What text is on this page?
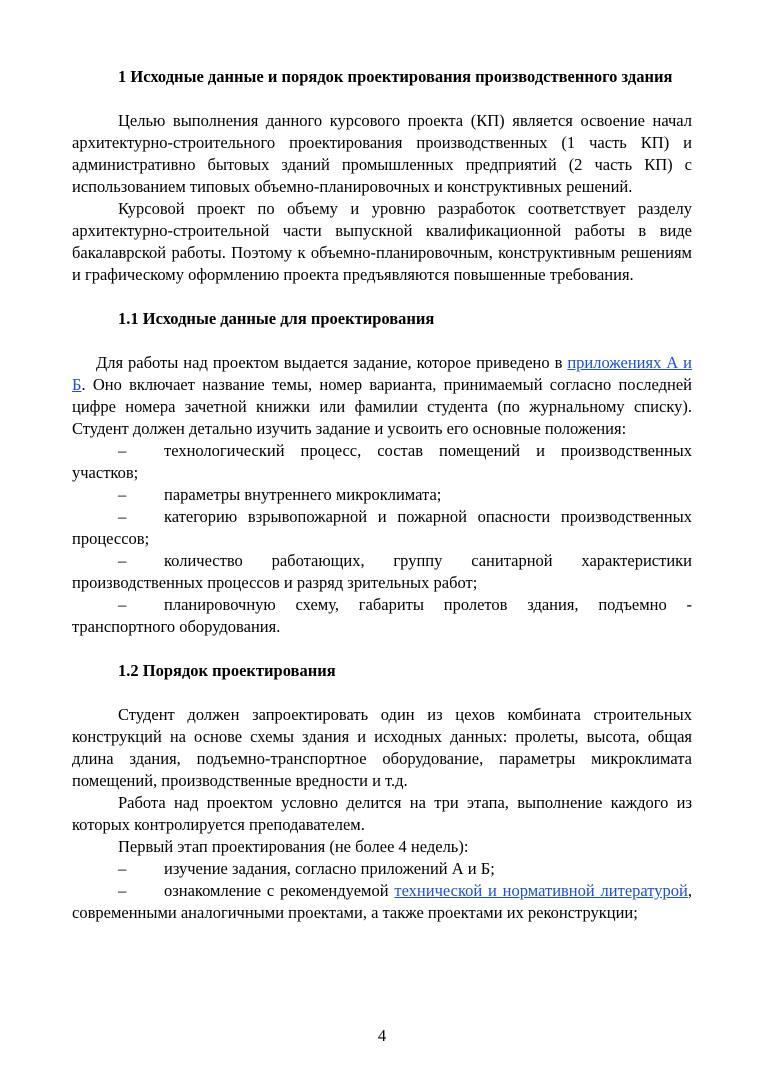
1 Исходные данные и порядок проектирования производственного здания

Целью выполнения данного курсового проекта (КП) является освоение начал архитектурно-строительного проектирования производственных (1 часть КП) и административно бытовых зданий промышленных предприятий (2 часть КП) с использованием типовых объемно-планировочных и конструктивных решений.

Курсовой проект по объему и уровню разработок соответствует разделу архитектурно-строительной части выпускной квалификационной работы в виде бакалаврской работы. Поэтому к объемно-планировочным, конструктивным решениям и графическому оформлению проекта предъявляются повышенные требования.

1.1 Исходные данные для проектирования

Для работы над проектом выдается задание, которое приведено в приложениях А и Б. Оно включает название темы, номер варианта, принимаемый согласно последней цифре номера зачетной книжки или фамилии студента (по журнальному списку). Студент должен детально изучить задание и усвоить его основные положения:

– технологический процесс, состав помещений и производственных участков;

– параметры внутреннего микроклимата;

– категорию взрывопожарной и пожарной опасности производственных процессов;

– количество работающих, группу санитарной характеристики производственных процессов и разряд зрительных работ;

– планировочную схему, габариты пролетов здания, подъемно - транспортного оборудования.

1.2 Порядок проектирования

Студент должен запроектировать один из цехов комбината строительных конструкций на основе схемы здания и исходных данных: пролеты, высота, общая длина здания, подъемно-транспортное оборудование, параметры микроклимата помещений, производственные вредности и т.д.

Работа над проектом условно делится на три этапа, выполнение каждого из которых контролируется преподавателем.

Первый этап проектирования (не более 4 недель):

– изучение задания, согласно приложений А и Б;

– ознакомление с рекомендуемой технической и нормативной литературой, современными аналогичными проектами, а также проектами их реконструкции;

4
